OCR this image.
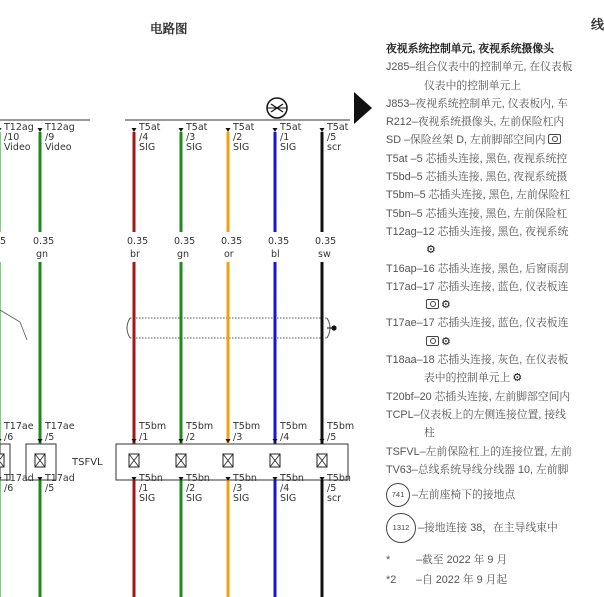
电路图
TSFVL
5
T12ag
/10
Video
T17ae
/6
T17ad
/6
T12ag
/9
Video
0.35
gn
T17ae
/5
T17ad
/5
T5at
/4
SIG
0.35
br
T5bm
/1
T5bn
/1
SIG
T5at
/3
SIG
0.35
gn
T5bm
/2
T5bn
/2
SIG
T5at
/2
SIG
0.35
or
T5bm
/3
T5bn
/3
SIG
T5at
/1
SIG
0.35
bl
T5bm
/4
T5bn
/4
SIG
T5at
/5
scr
0.35
sw
T5bm
/5
T5bn
/5
scr
夜视系统控制单元, 夜视系统摄像头
J285–组合仪表中的控制单元, 在仪表板
仪表中的控制单元上
J853–夜视系统控制单元, 仪表板内, 车
R212–夜视系统摄像头, 左前保险杠内
SD –保险丝架 D, 左前脚部空间内
T5at –5 芯插头连接, 黑色, 夜视系统控
T5bd–5 芯插头连接, 黑色, 夜视系统摄
T5bm–5 芯插头连接, 黑色, 左前保险杠
T5bn–5 芯插头连接, 黑色, 左前保险杠
T12ag–12 芯插头连接, 黑色, 夜视系统
⚙
T16ap–16 芯插头连接, 黑色, 后窗雨刮
T17ad–17 芯插头连接, 蓝色, 仪表板连
⚙
T17ae–17 芯插头连接, 蓝色, 仪表板连
⚙
T18aa–18 芯插头连接, 灰色, 在仪表板
表中的控制单元上 ⚙
T20bf–20 芯插头连接, 左前脚部空间内
TCPL–仪表板上的左侧连接位置, 接线
柱
TSFVL–左前保险杠上的连接位置, 左前
TV63–总线系统导线分线器 10, 左前脚
741 –左前座椅下的接地点
1312 –接地连接 38，在主导线束中
* –截至 2022 年 9 月
*2 –自 2022 年 9 月起
线
